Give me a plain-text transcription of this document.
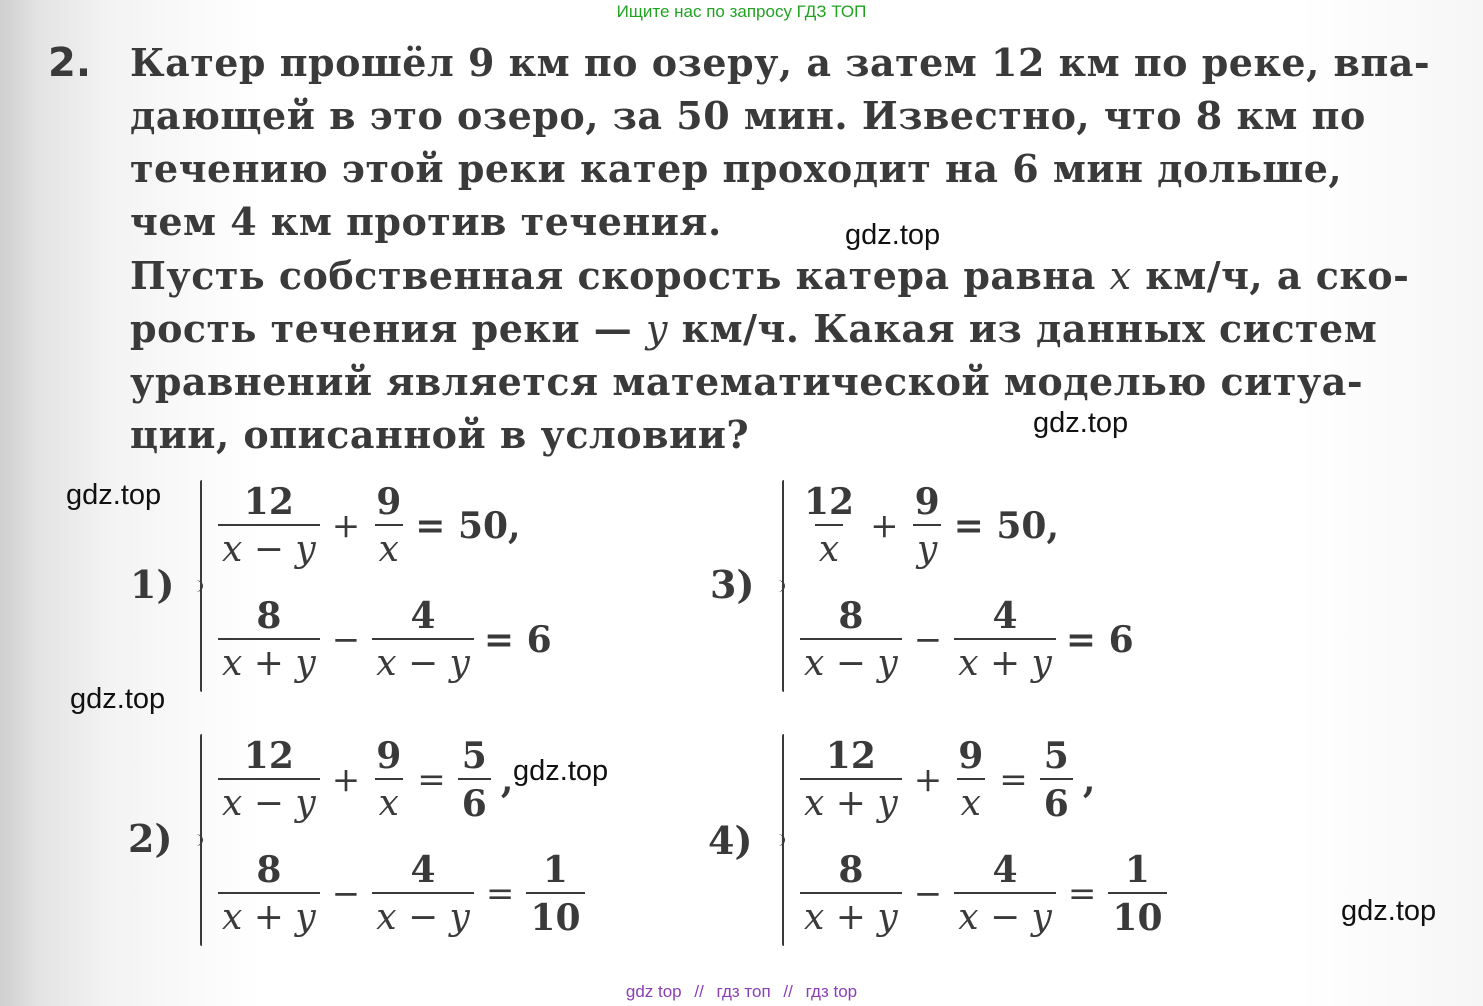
Ищите нас по запросу ГДЗ ТОП
2. Катер прошёл 9 км по озеру, а затем 12 км по реке, впа-
дающей в это озеро, за 50 мин. Известно, что 8 км по
течению этой реки катер проходит на 6 мин дольше,
чем 4 км против течения.
Пусть собственная скорость катера равна x км/ч, а ско-
рость течения реки — y км/ч. Какая из данных систем
уравнений является математической моделью ситуа-
ции, описанной в условии?
gdz.top
gdz.top
gdz.top
gdz.top
gdz.top
gdz.top
1)
$\frac{12}{x - y} + \frac{9}{x} = 50$,
$\frac{8}{x + y} - \frac{4}{x - y} = 6$
2)
$\frac{12}{x - y} + \frac{9}{x} = \frac{5}{6}$ ,
$\frac{8}{x + y} - \frac{4}{x - y} = \frac{1}{10}$
3)
$\frac{12}{x} + \frac{9}{y} = 50$,
$\frac{8}{x - y} - \frac{4}{x + y} = 6$
4)
$\frac{12}{x + y} + \frac{9}{x} = \frac{5}{6}$ ,
$\frac{8}{x + y} - \frac{4}{x - y} = \frac{1}{10}$
gdz top // гдз топ // гдз top
